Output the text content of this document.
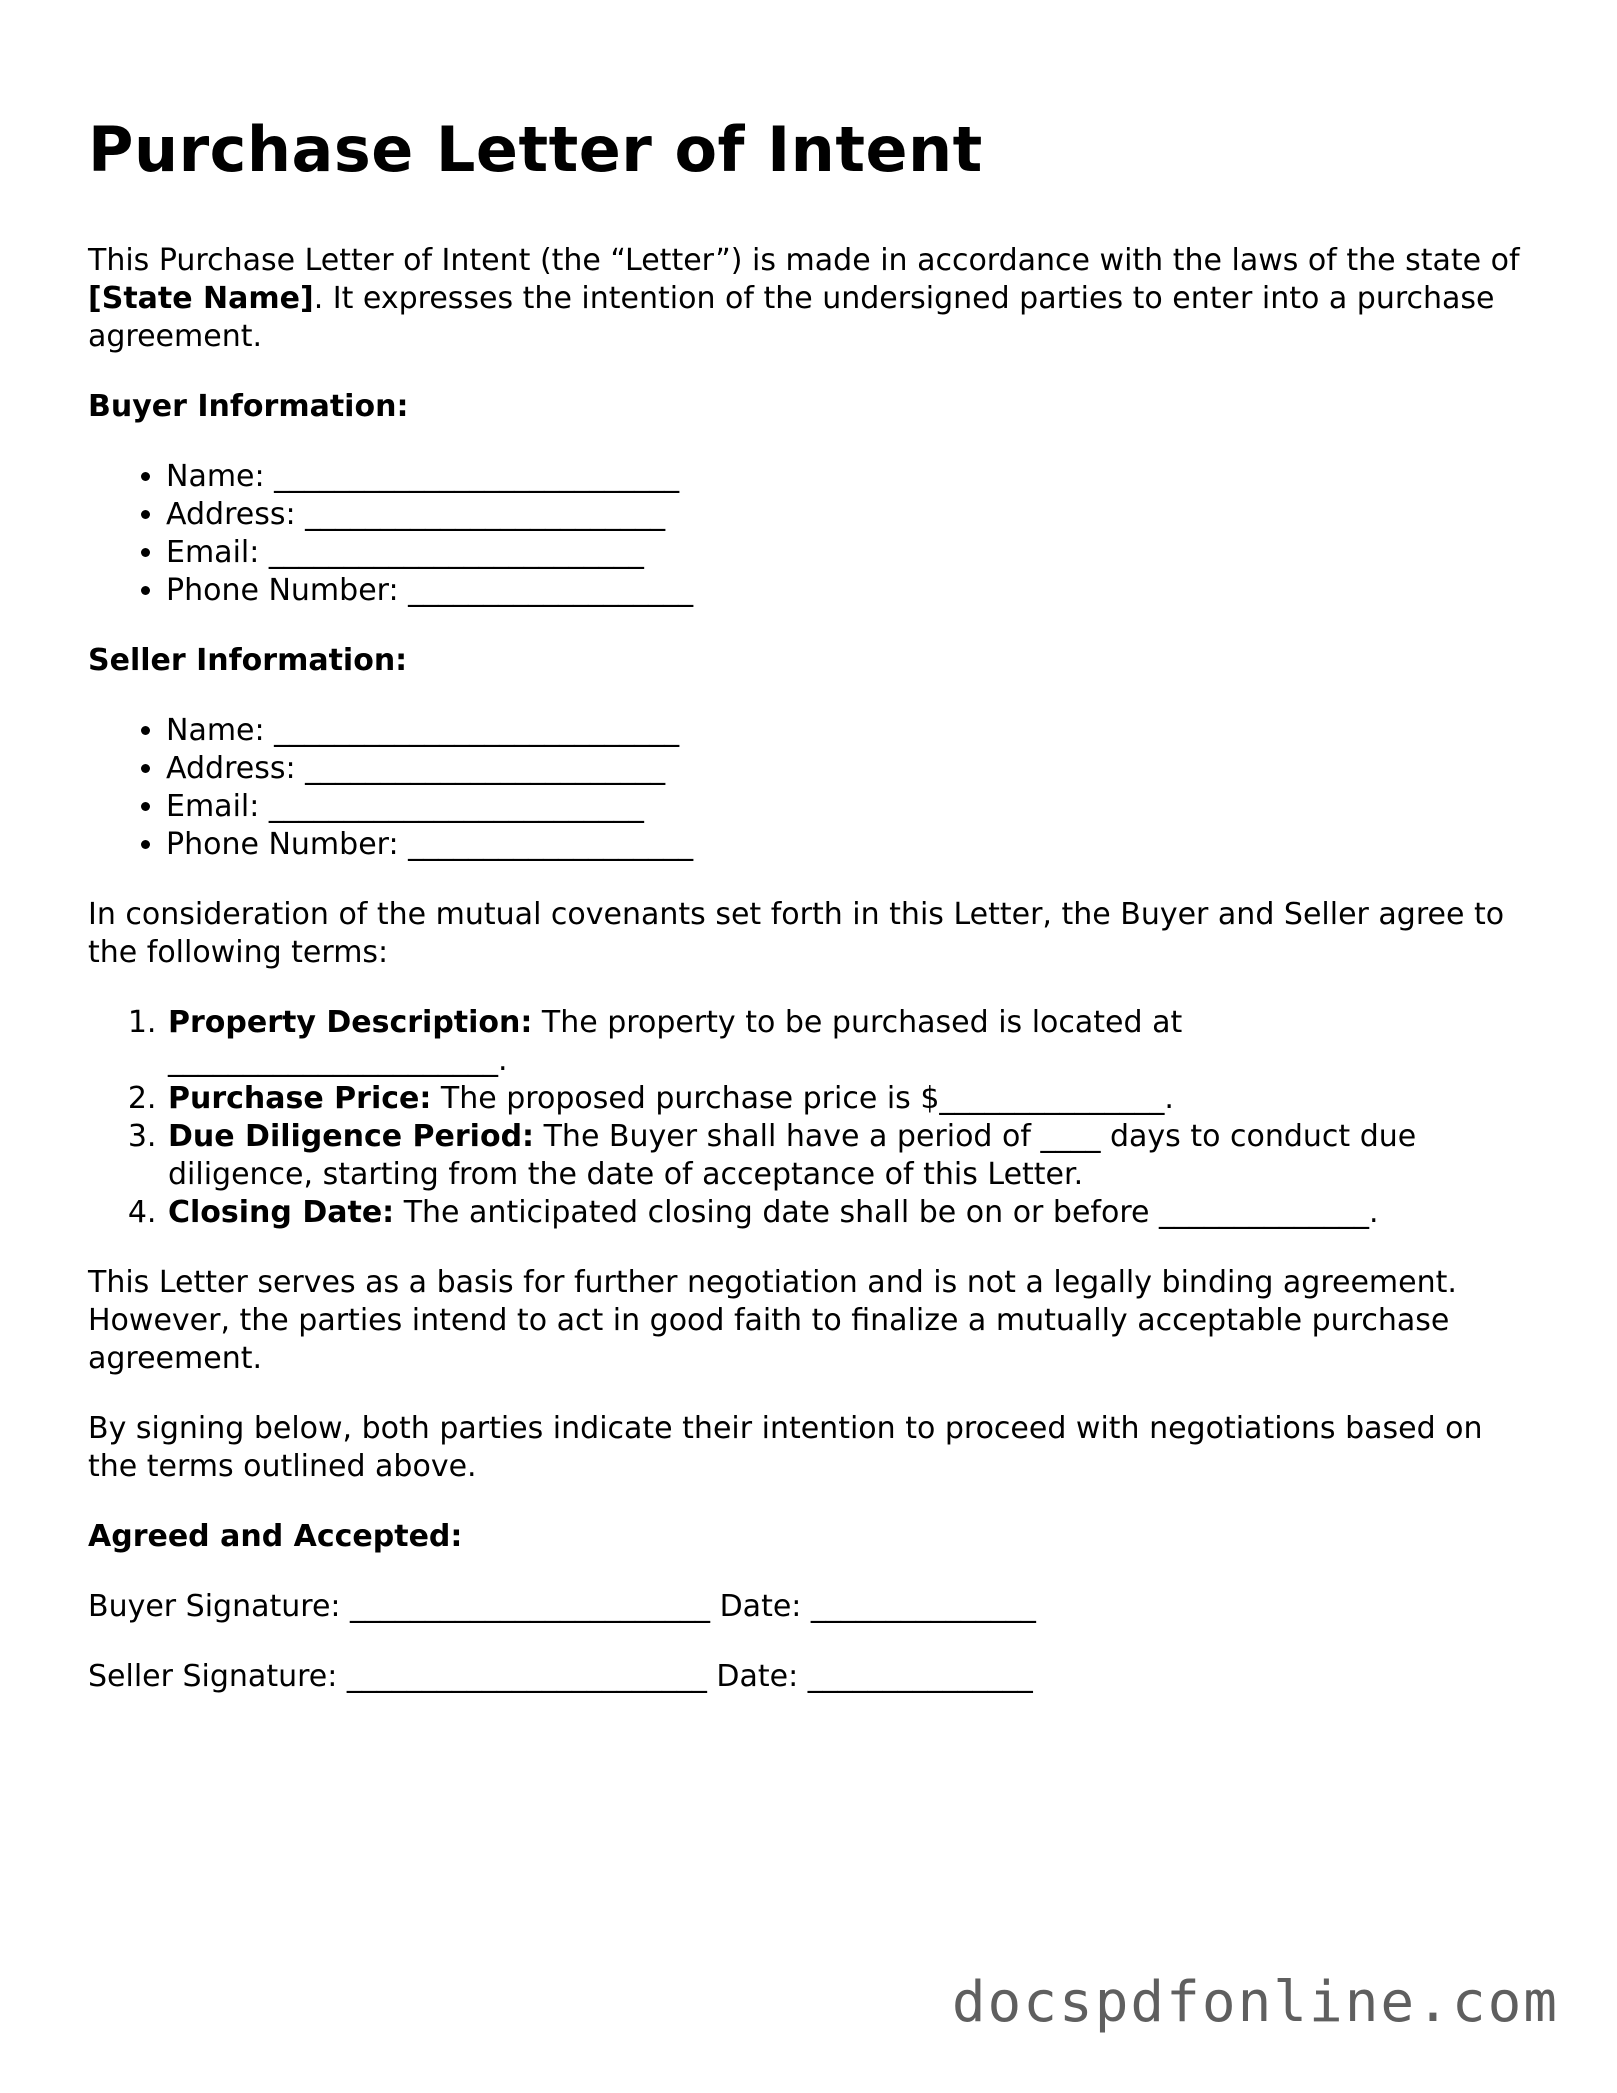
Purchase Letter of Intent

This Purchase Letter of Intent (the “Letter”) is made in accordance with the laws of the state of [State Name]. It expresses the intention of the undersigned parties to enter into a purchase agreement.

Buyer Information:

• Name: ___________________________
• Address: ________________________
• Email: _________________________
• Phone Number: ___________________

Seller Information:

• Name: ___________________________
• Address: ________________________
• Email: _________________________
• Phone Number: ___________________

In consideration of the mutual covenants set forth in this Letter, the Buyer and Seller agree to the following terms:

1. Property Description: The property to be purchased is located at ______________________.
2. Purchase Price: The proposed purchase price is $_______________.
3. Due Diligence Period: The Buyer shall have a period of ____ days to conduct due diligence, starting from the date of acceptance of this Letter.
4. Closing Date: The anticipated closing date shall be on or before ______________.

This Letter serves as a basis for further negotiation and is not a legally binding agreement. However, the parties intend to act in good faith to finalize a mutually acceptable purchase agreement.

By signing below, both parties indicate their intention to proceed with negotiations based on the terms outlined above.

Agreed and Accepted:

Buyer Signature: ________________________ Date: _______________

Seller Signature: ________________________ Date: _______________

docspdfonline.com
